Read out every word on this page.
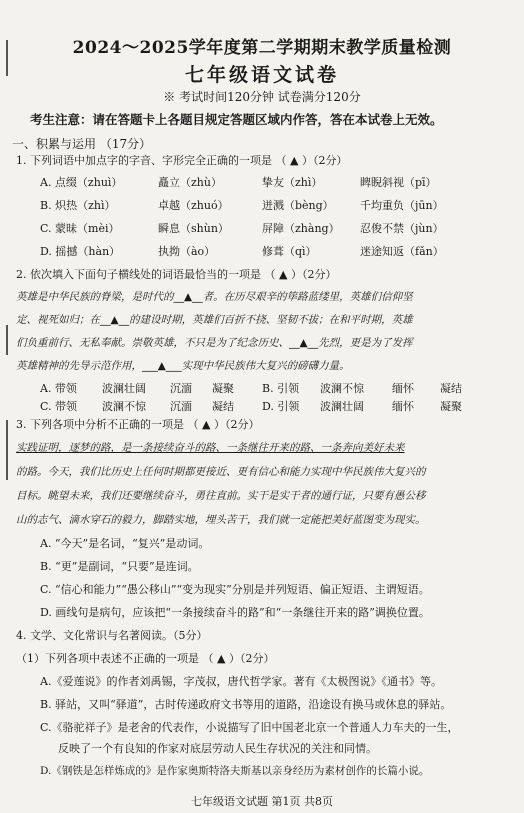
2024～2025学年度第二学期期末教学质量检测
七年级语文试卷
※ 考试时间120分钟 试卷满分120分
考生注意：请在答题卡上各题目规定答题区域内作答，答在本试卷上无效。
一、积累与运用 （17分）
1. 下列词语中加点字的字音、字形完全正确的一项是 （ ▲ ）（2分）
A. 点缀（zhuì）	矗立（zhù）	挚友（zhì）	睥睨斜视（pī）
B. 炽热（zhì）	卓越（zhuó）	迸溅（bèng） 千均重负（jūn）
C. 蒙昧（mèi）	瞬息（shùn）	屏障（zhàng） 忍俊不禁（jùn）
D. 摇撼（hàn）	执拗（ào）	修葺（qì）	迷途知返（fǎn）
2. 依次填入下面句子横线处的词语最恰当的一项是 （ ▲ ）（2分）
英雄是中华民族的脊梁，是时代的__▲__者。在历尽艰辛的筚路蓝缕里，英雄们信仰坚
定、视死如归；在__▲__的建设时期，英雄们百折不挠、坚韧不拔；在和平时期，英雄
们负重前行、无私奉献。崇敬英雄，不只是为了纪念历史、__▲__先烈，更是为了发挥
英雄精神的先导示范作用，___▲___实现中华民族伟大复兴的磅礴力量。
A. 带领 波澜壮阔 沉湎 凝聚	B. 引领 波澜不惊	缅怀 凝结
C. 带领 波澜不惊 沉湎 凝结	D. 引领 波澜壮阔	缅怀 凝聚
3. 下列各项中分析不正确的一项是 （ ▲ ）（2分）
实践证明，逐梦的路，是一条接续奋斗的路、一条继往开来的路、一条奔向美好未来
的路。今天，我们比历史上任何时期都更接近、更有信心和能力实现中华民族伟大复兴的
目标。眺望未来，我们还要继续奋斗，勇往直前。实干是实干者的通行证，只要有愚公移
山的志气、滴水穿石的毅力，脚踏实地，埋头苦干，我们就一定能把美好蓝图变为现实。
A. “今天”是名词，“复兴”是动词。
B. “更”是副词，“只要”是连词。
C. “信心和能力”“愚公移山”“变为现实”分别是并列短语、偏正短语、主谓短语。
D. 画线句是病句，应该把“一条接续奋斗的路”和“一条继往开来的路”调换位置。
4. 文学、文化常识与名著阅读。（5分）
（1）下列各项中表述不正确的一项是 （ ▲ ）（2分）
A.《爱莲说》的作者刘禹锡，字茂叔，唐代哲学家。著有《太极图说》《通书》等。
B. 驿站，又叫“驿道”，古时传递政府文书等用的道路，沿途设有换马或休息的驿站。
C.《骆驼祥子》是老舍的代表作，小说描写了旧中国老北京一个普通人力车夫的一生，
反映了一个有良知的作家对底层劳动人民生存状况的关注和同情。
D.《钢铁是怎样炼成的》是作家奥斯特洛夫斯基以亲身经历为素材创作的长篇小说。
七年级语文试题 第1页 共8页
